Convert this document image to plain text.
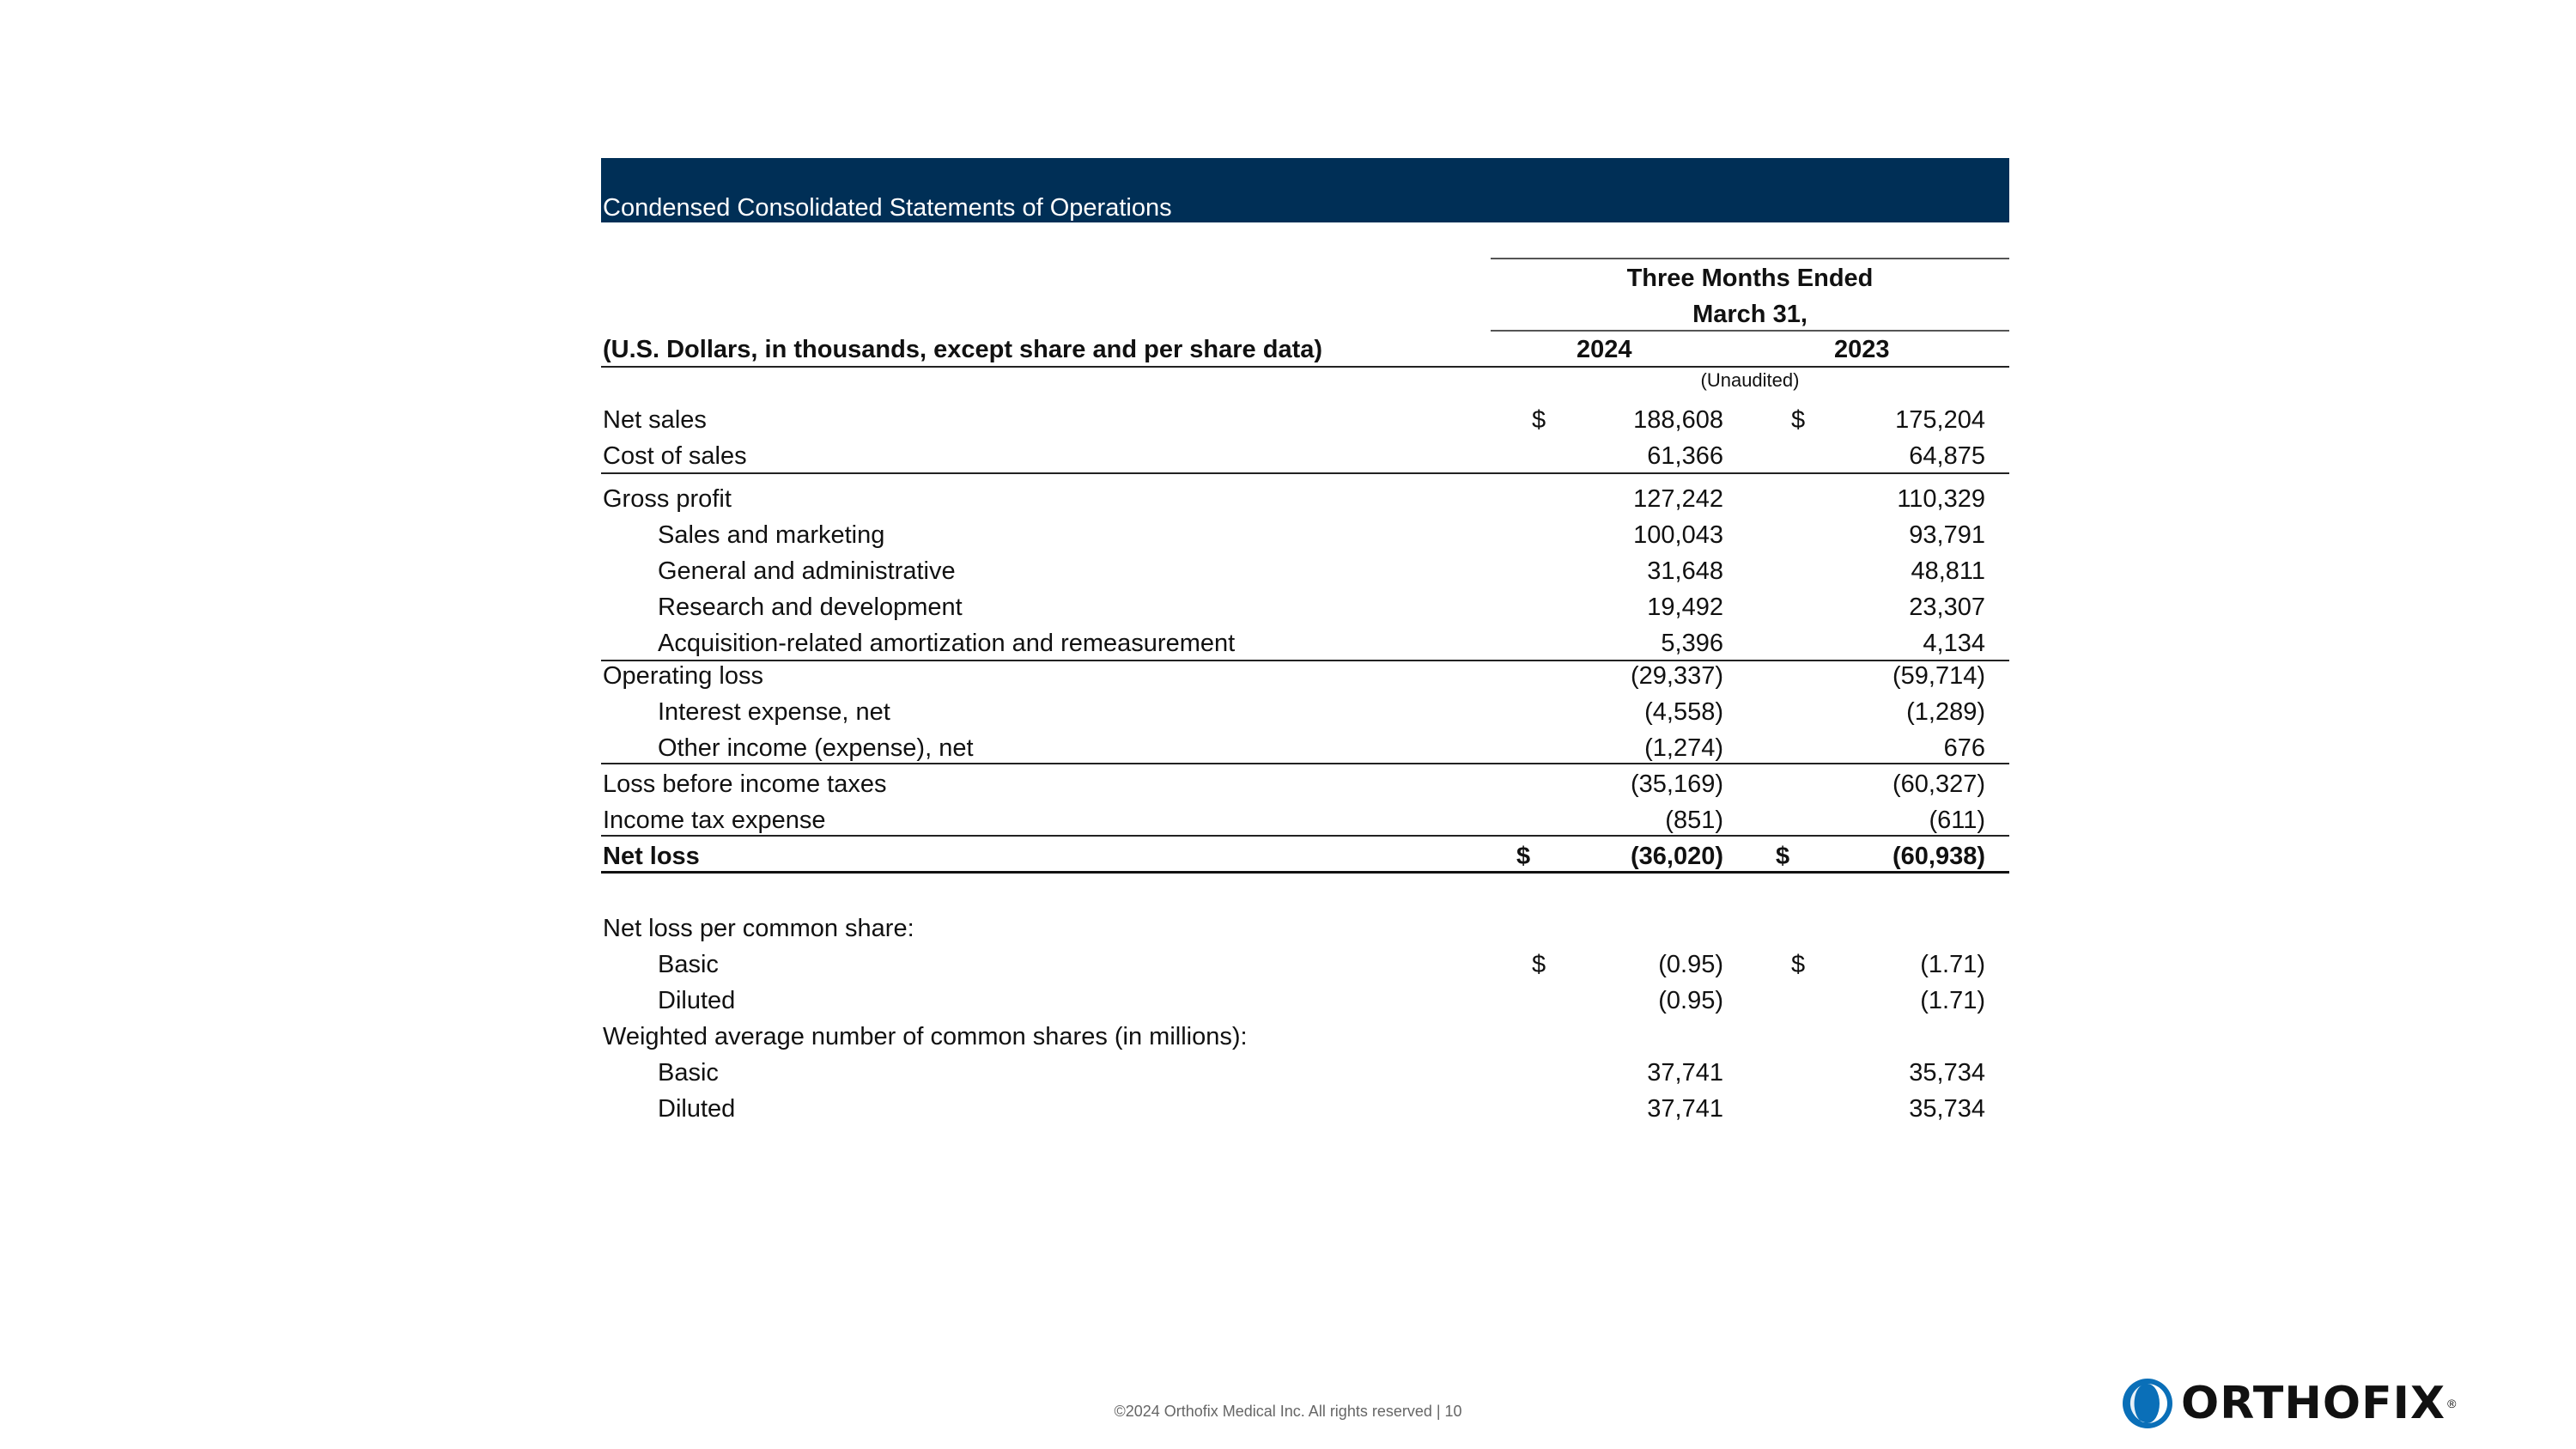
Condensed Consolidated Statements of Operations
Three Months Ended
March 31,
(U.S. Dollars, in thousands, except share and per share data)	2024	2023
(Unaudited)
Net sales	$	188,608	$	175,204
Cost of sales	61,366	64,875
Gross profit	127,242	110,329
Sales and marketing	100,043	93,791
General and administrative	31,648	48,811
Research and development	19,492	23,307
Acquisition-related amortization and remeasurement	5,396	4,134
Operating loss	(29,337)	(59,714)
Interest expense, net	(4,558)	(1,289)
Other income (expense), net	(1,274)	676
Loss before income taxes	(35,169)	(60,327)
Income tax expense	(851)	(611)
Net loss	$	(36,020) $	(60,938)
Net loss per common share:
Basic	$	(0.95)	$	(1.71)
Diluted	(0.95)	(1.71)
Weighted average number of common shares (in millions):
Basic	37,741	35,734
Diluted	37,741	35,734
©2024 Orthofix Medical Inc. All rights reserved | 10	ORTHOFIX ®
